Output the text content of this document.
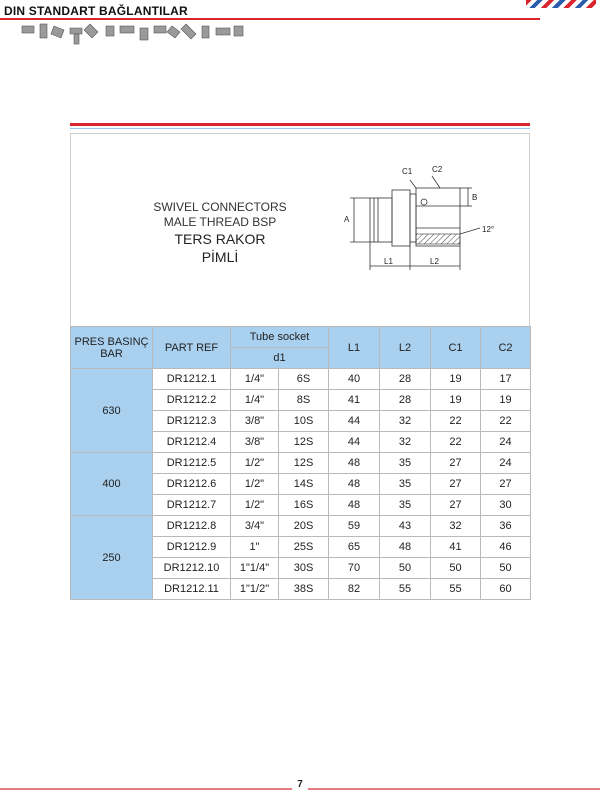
DIN STANDART BAĞLANTILAR
SWIVEL CONNECTORS
MALE THREAD BSP
TERS RAKOR
PİMLİ
C1 C2
A
B
L1	L2
12°
PRES BASINÇ BAR	PART REF	Tube socket		L1	L2	C1	C2
		d1					
630	DR1212.1	1/4"	6S	40	28	19	17
	DR1212.2	1/4"	8S	41	28	19	19
	DR1212.3	3/8"	10S	44	32	22	22
	DR1212.4	3/8"	12S	44	32	22	24
400	DR1212.5	1/2"	12S	48	35	27	24
	DR1212.6	1/2"	14S	48	35	27	27
	DR1212.7	1/2"	16S	48	35	27	30
250	DR1212.8	3/4"	20S	59	43	32	36
	DR1212.9	1"	25S	65	48	41	46
	DR1212.10	1"1/4"	30S	70	50	50	50
	DR1212.11	1"1/2"	38S	82	55	55	60
7
